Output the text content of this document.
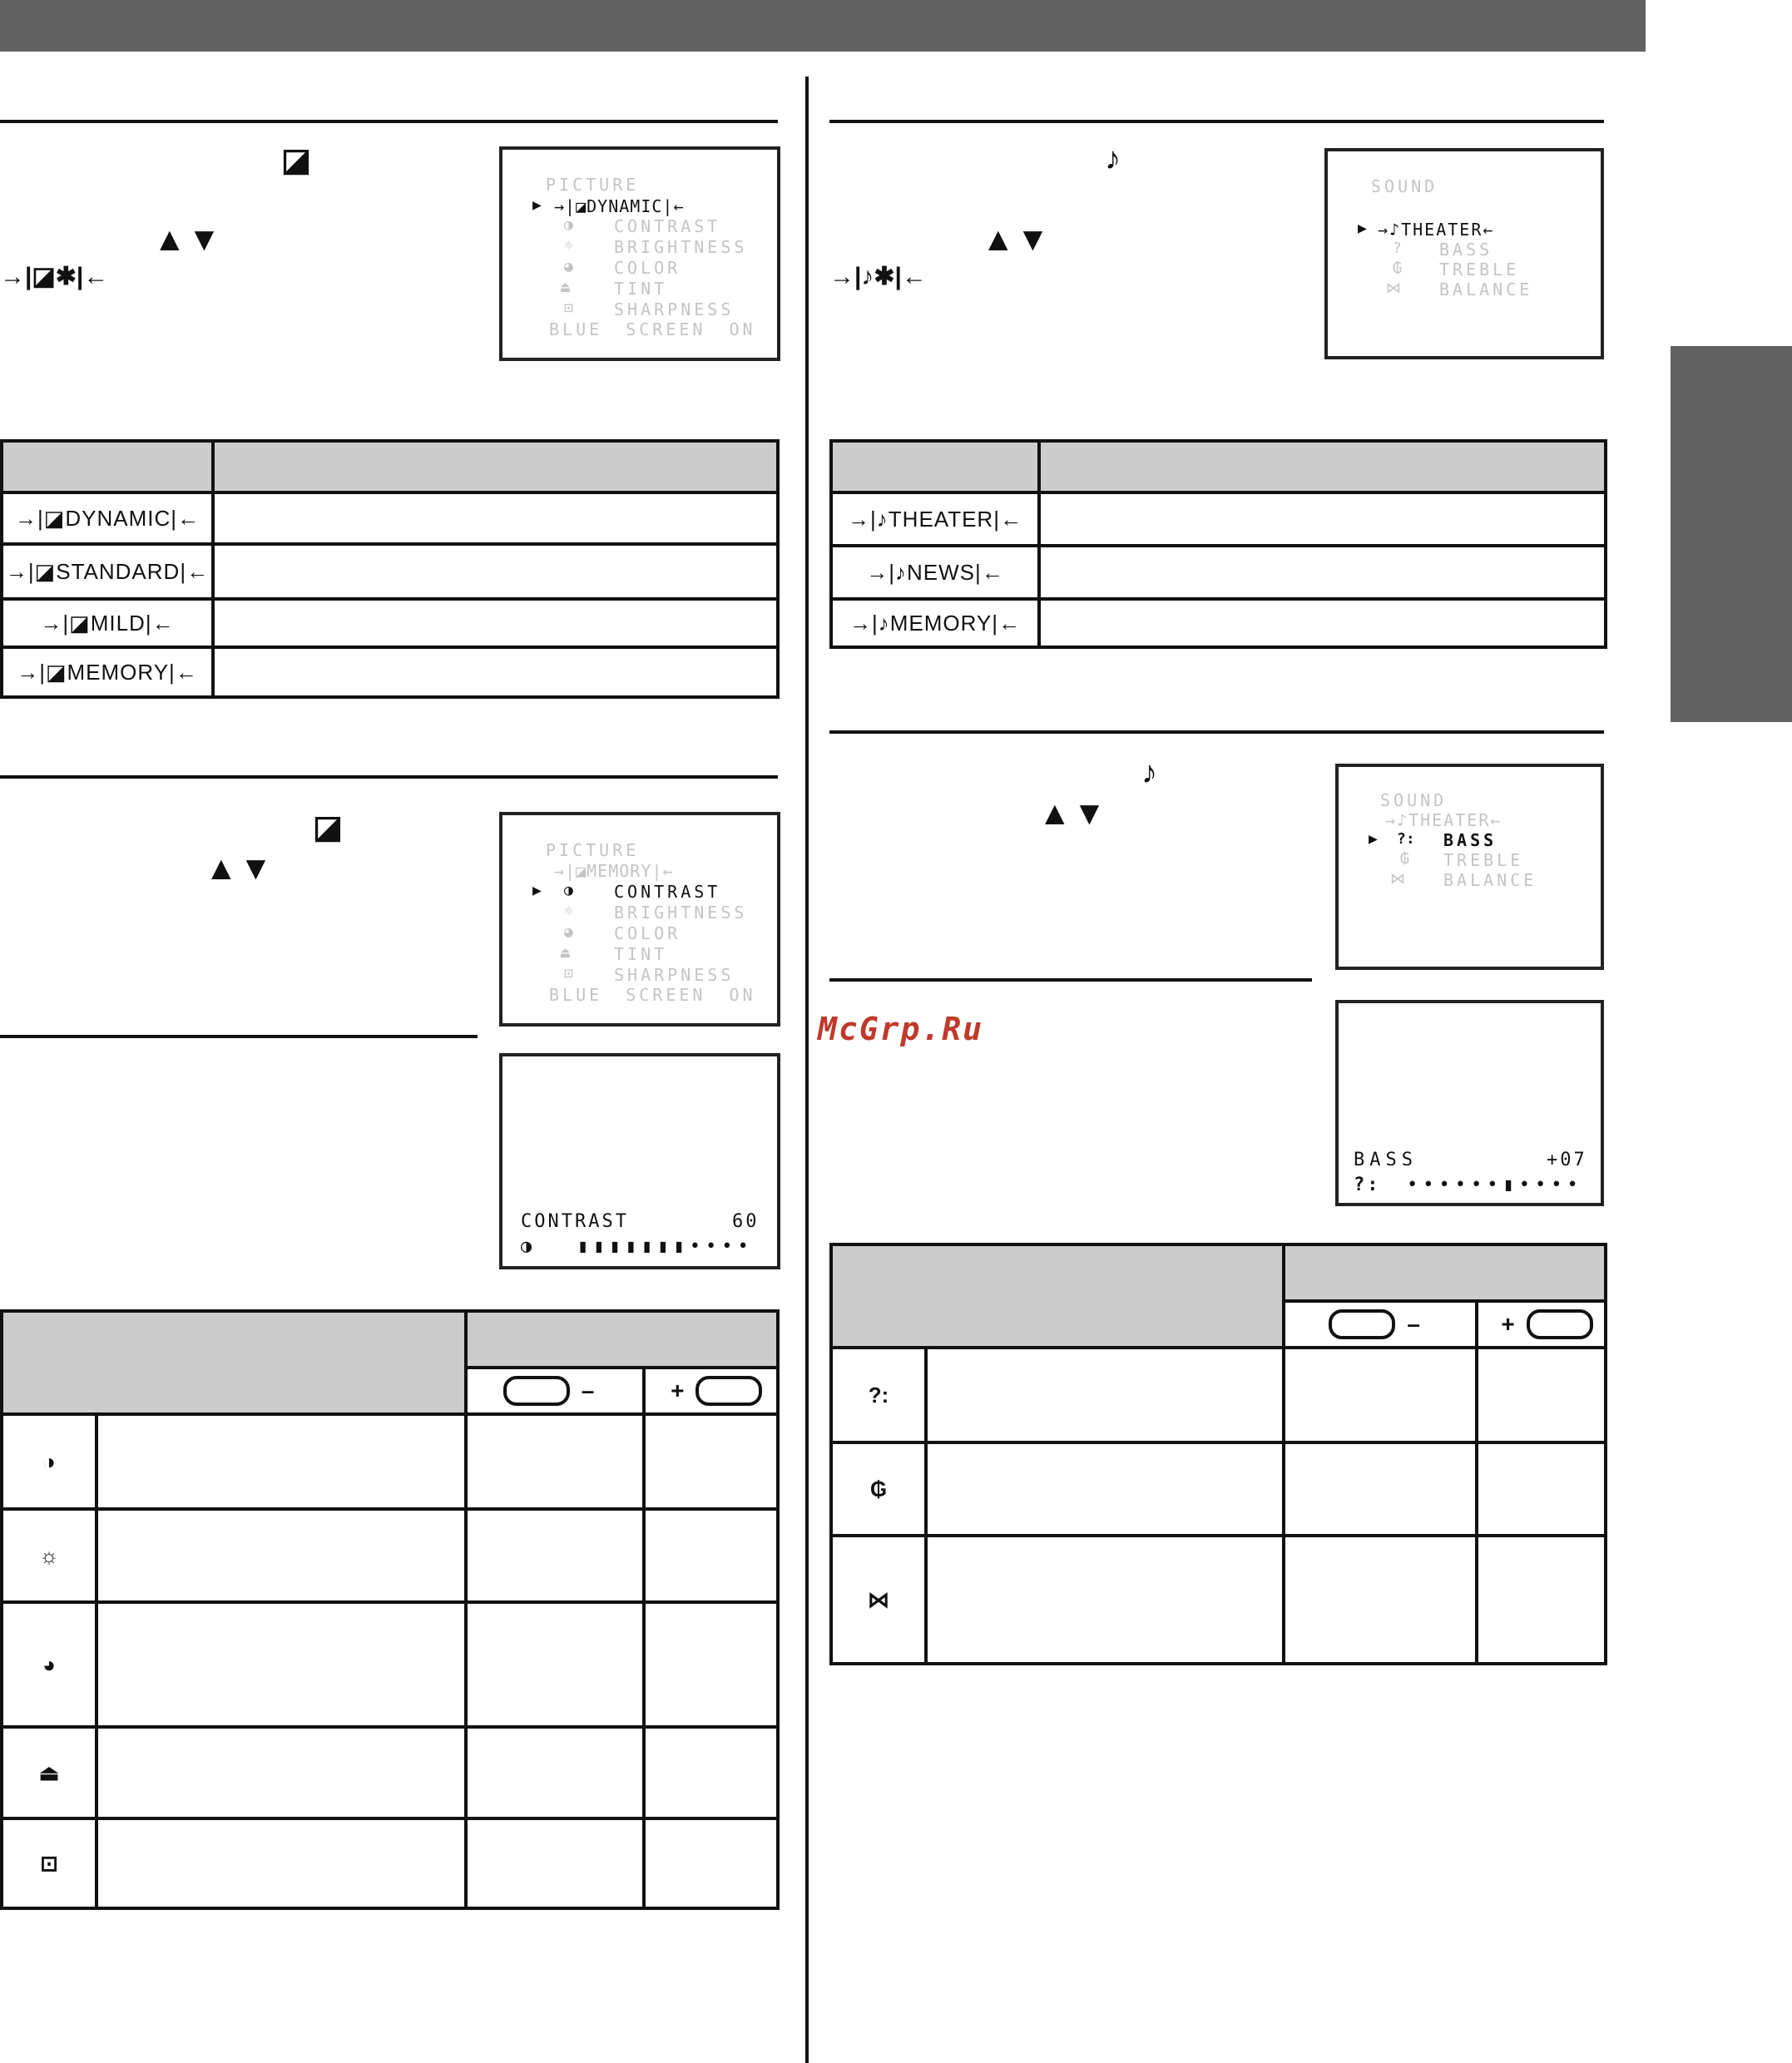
◪
▲▼
→|◪✱|←
PICTURE
▶ →|◪DYNAMIC|←
◑ CONTRAST
☼ BRIGHTNESS
◕ COLOR
⏏	TINT
⊡ SHARPNESS
BLUE SCREEN ON

→|◪DYNAMIC|←	
→|◪STANDARD|←	
→|◪MILD|←	
→|◪MEMORY|←	
◪
▲▼	PICTURE
→|◪MEMORY|←
▶ ◑ CONTRAST
☼ BRIGHTNESS
◕ COLOR
⏏	TINT
⊡ SHARPNESS
BLUE SCREEN ON
CONTRAST	60
◑ ▮▮▮▮▮▮▮••••

		–	+
◑			
☼			
◕			
⏏			
⊡			
♪
▲▼
→|♪✱|←
SOUND
▶ →♪THEATER←
? BASS
₲ TREBLE
⋈ BALANCE

→|♪THEATER|←	
→|♪NEWS|←	
→|♪MEMORY|←	
♪
▲▼	SOUND
→♪THEATER←
▶ ?: BASS
₲ TREBLE
⋈ BALANCE
McGrp.Ru
BASS	+07
?: ••••••▮••••

		–	+
?:			
₲			
⋈			
